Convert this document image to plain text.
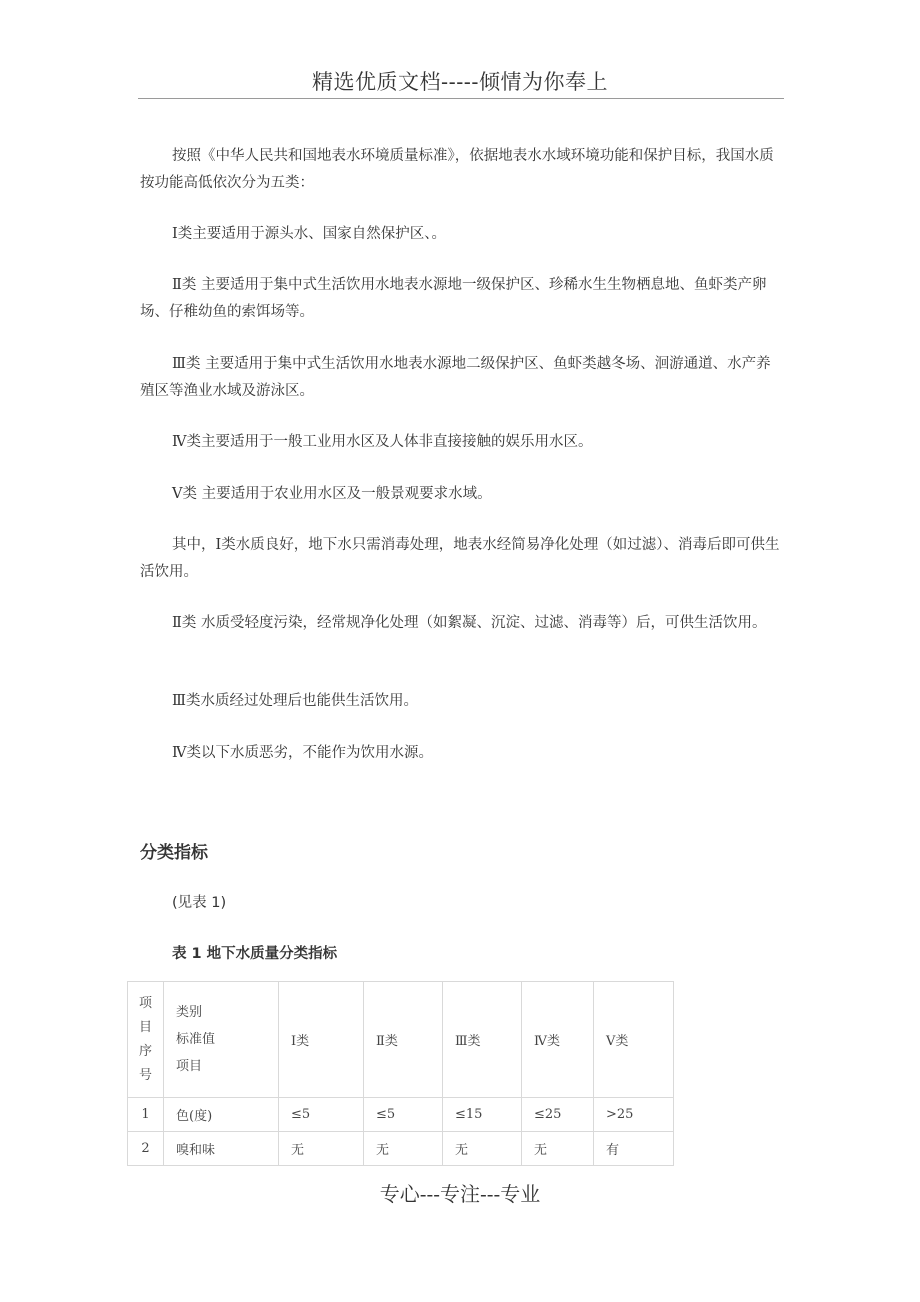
精选优质文档-----倾情为你奉上

按照《中华人民共和国地表水环境质量标准》，依据地表水水域环境功能和保护目标，我国水质按功能高低依次分为五类：

Ⅰ类主要适用于源头水、国家自然保护区、。

Ⅱ类 主要适用于集中式生活饮用水地表水源地一级保护区、珍稀水生生物栖息地、鱼虾类产卵场、仔稚幼鱼的索饵场等。

Ⅲ类 主要适用于集中式生活饮用水地表水源地二级保护区、鱼虾类越冬场、洄游通道、水产养殖区等渔业水域及游泳区。

Ⅳ类主要适用于一般工业用水区及人体非直接接触的娱乐用水区。

Ⅴ类 主要适用于农业用水区及一般景观要求水域。

其中，Ⅰ类水质良好，地下水只需消毒处理，地表水经简易净化处理（如过滤）、消毒后即可供生活饮用。

Ⅱ类 水质受轻度污染，经常规净化处理（如絮凝、沉淀、过滤、消毒等）后，可供生活饮用。

Ⅲ类水质经过处理后也能供生活饮用。

Ⅳ类以下水质恶劣，不能作为饮用水源。

分类指标
(见表 1)
表 1 地下水质量分类指标
项目序号	类别
标准值
项目	Ⅰ类	Ⅱ类	Ⅲ类	Ⅳ类	Ⅴ类
1	色(度)	≤5	≤5	≤15	≤25	>25
2	嗅和味	无	无	无	无	有
专心---专注---专业
